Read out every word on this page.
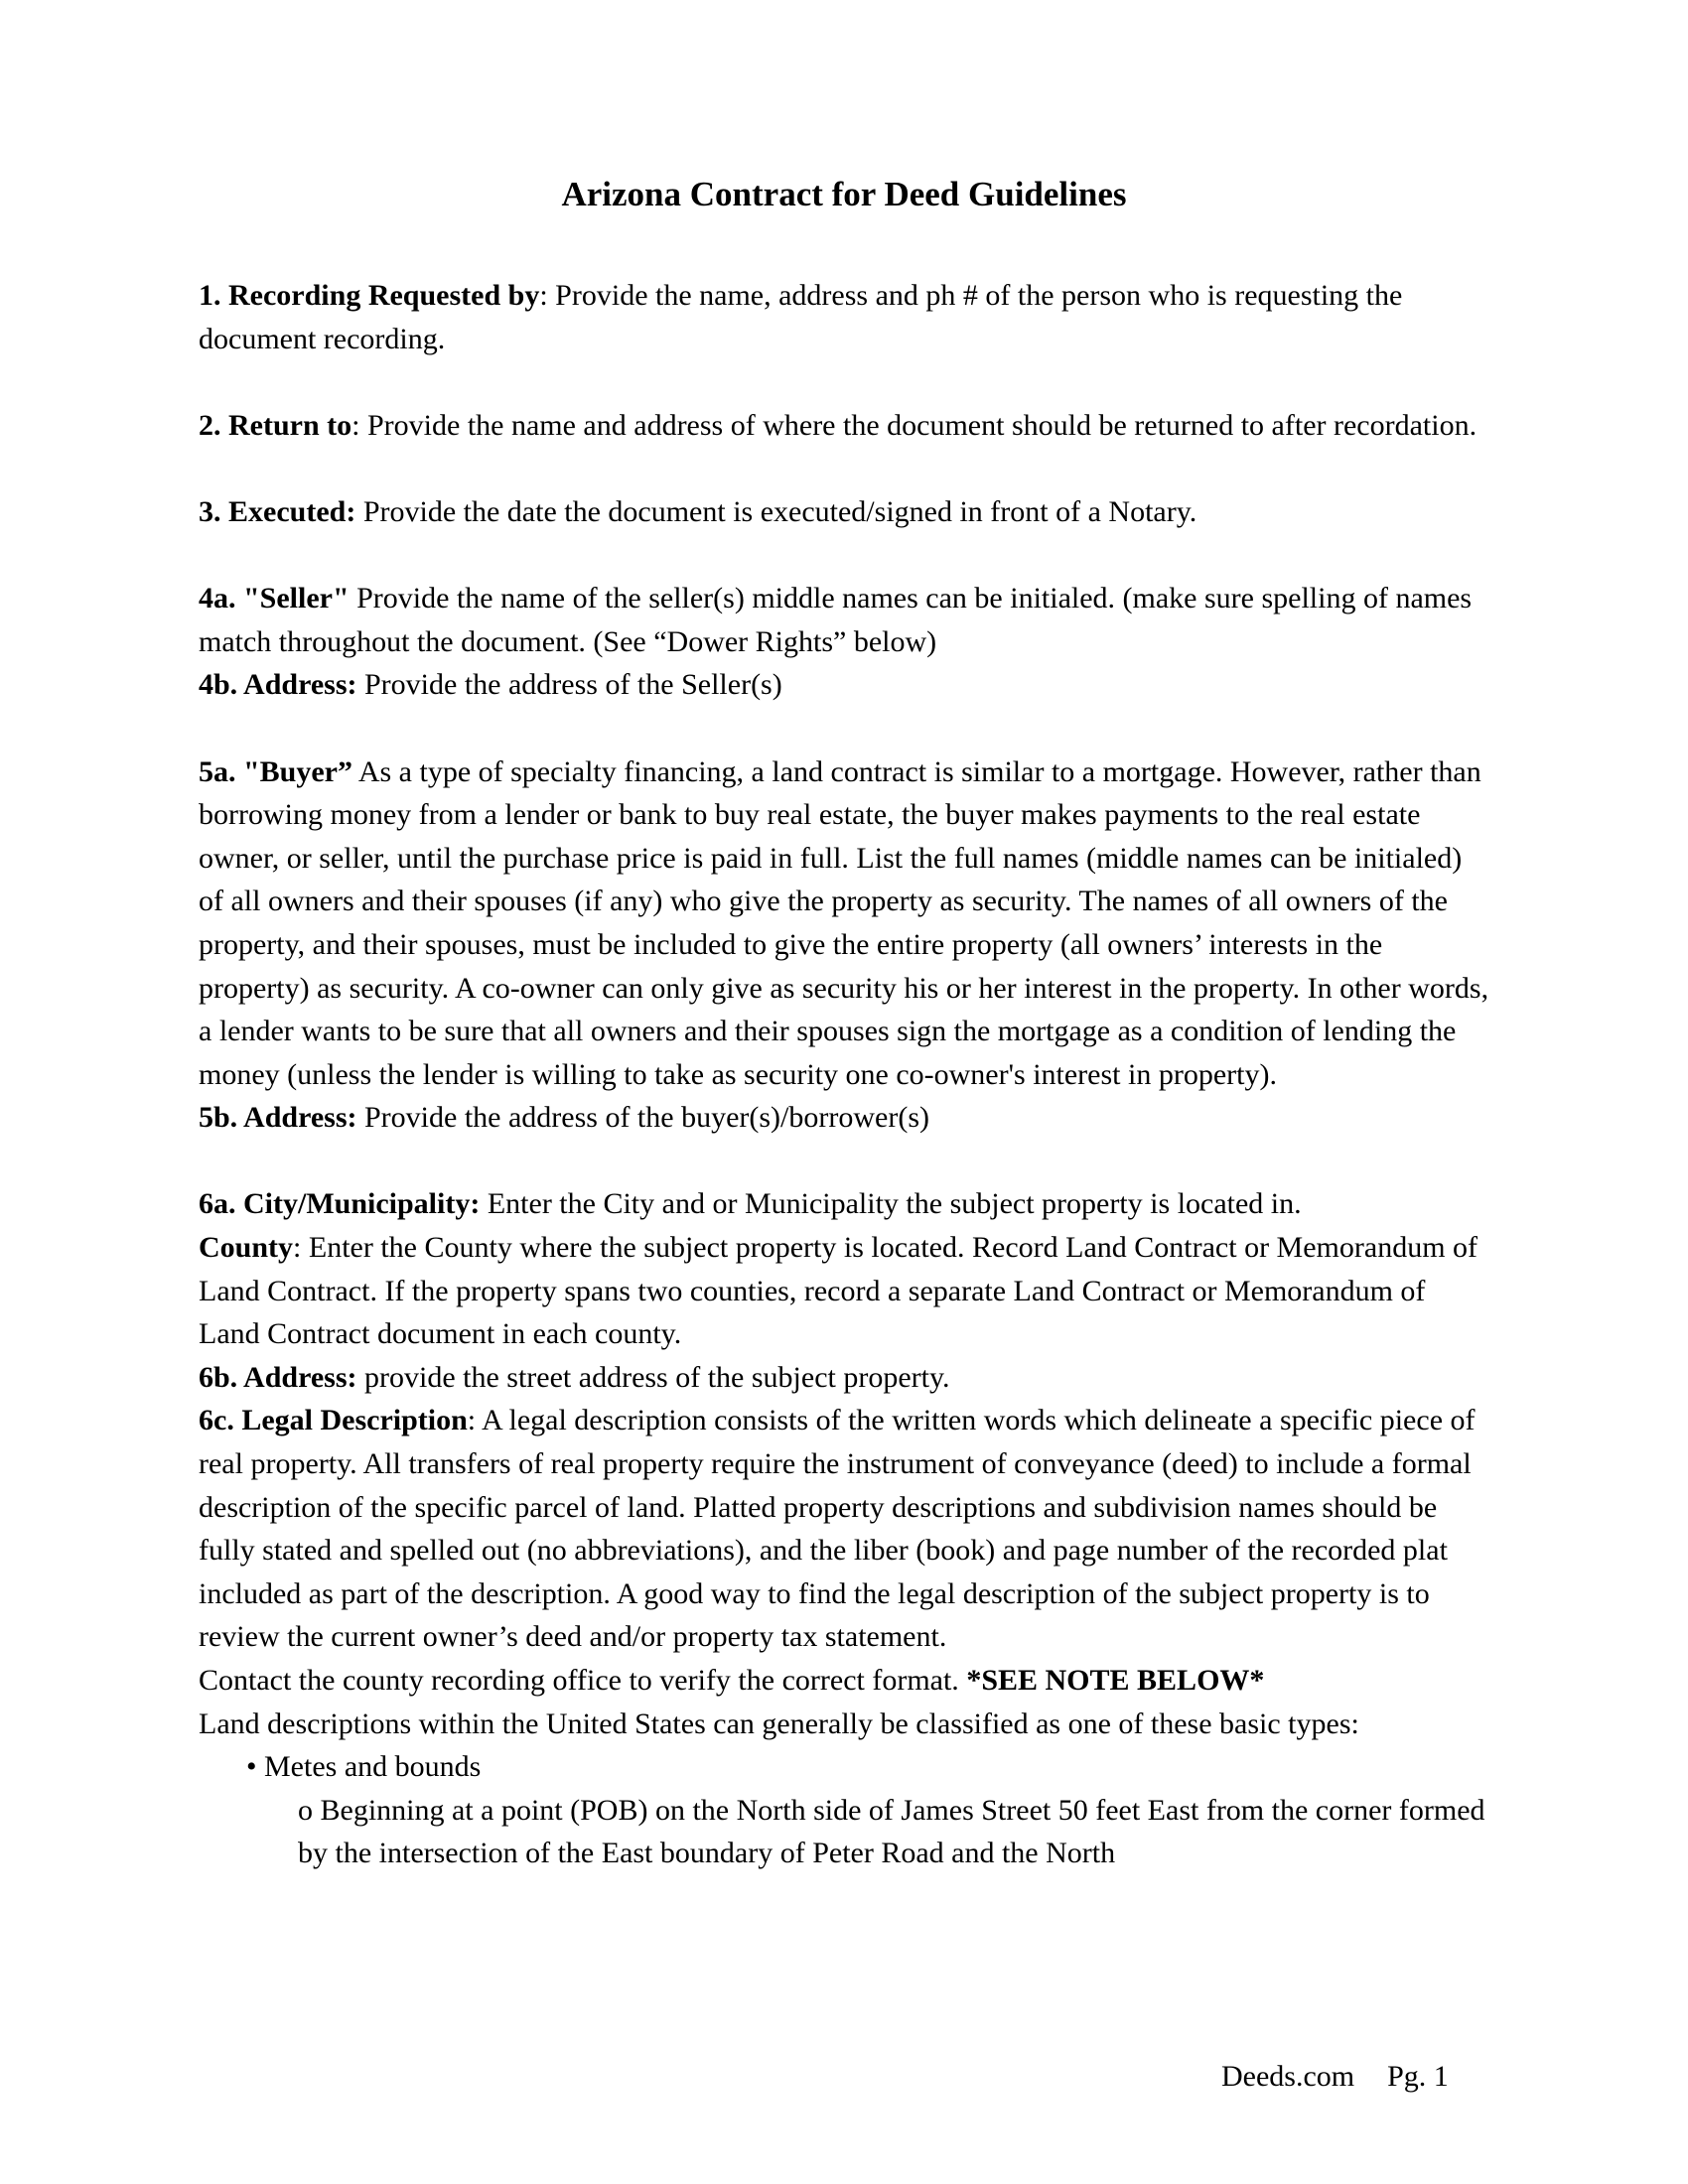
Arizona Contract for Deed Guidelines

1. Recording Requested by: Provide the name, address and ph # of the person who is requesting the document recording.

2. Return to: Provide the name and address of where the document should be returned to after recordation.

3. Executed: Provide the date the document is executed/signed in front of a Notary.

4a. "Seller" Provide the name of the seller(s) middle names can be initialed. (make sure spelling of names match throughout the document. (See “Dower Rights” below)

4b. Address: Provide the address of the Seller(s)

5a. "Buyer” As a type of specialty financing, a land contract is similar to a mortgage. However, rather than borrowing money from a lender or bank to buy real estate, the buyer makes payments to the real estate owner, or seller, until the purchase price is paid in full. List the full names (middle names can be initialed) of all owners and their spouses (if any) who give the property as security. The names of all owners of the property, and their spouses, must be included to give the entire property (all owners’ interests in the property) as security. A co-owner can only give as security his or her interest in the property. In other words, a lender wants to be sure that all owners and their spouses sign the mortgage as a condition of lending the money (unless the lender is willing to take as security one co-owner's interest in property).

5b. Address: Provide the address of the buyer(s)/borrower(s)

6a. City/Municipality: Enter the City and or Municipality the subject property is located in.

County: Enter the County where the subject property is located. Record Land Contract or Memorandum of Land Contract. If the property spans two counties, record a separate Land Contract or Memorandum of Land Contract document in each county.

6b. Address: provide the street address of the subject property.

6c. Legal Description: A legal description consists of the written words which delineate a specific piece of real property. All transfers of real property require the instrument of conveyance (deed) to include a formal description of the specific parcel of land. Platted property descriptions and subdivision names should be fully stated and spelled out (no abbreviations), and the liber (book) and page number of the recorded plat included as part of the description. A good way to find the legal description of the subject property is to review the current owner’s deed and/or property tax statement.

Contact the county recording office to verify the correct format. *SEE NOTE BELOW*

Land descriptions within the United States can generally be classified as one of these basic types:

• Metes and bounds

o Beginning at a point (POB) on the North side of James Street 50 feet East from the corner formed by the intersection of the East boundary of Peter Road and the North

Deeds.com Pg. 1
